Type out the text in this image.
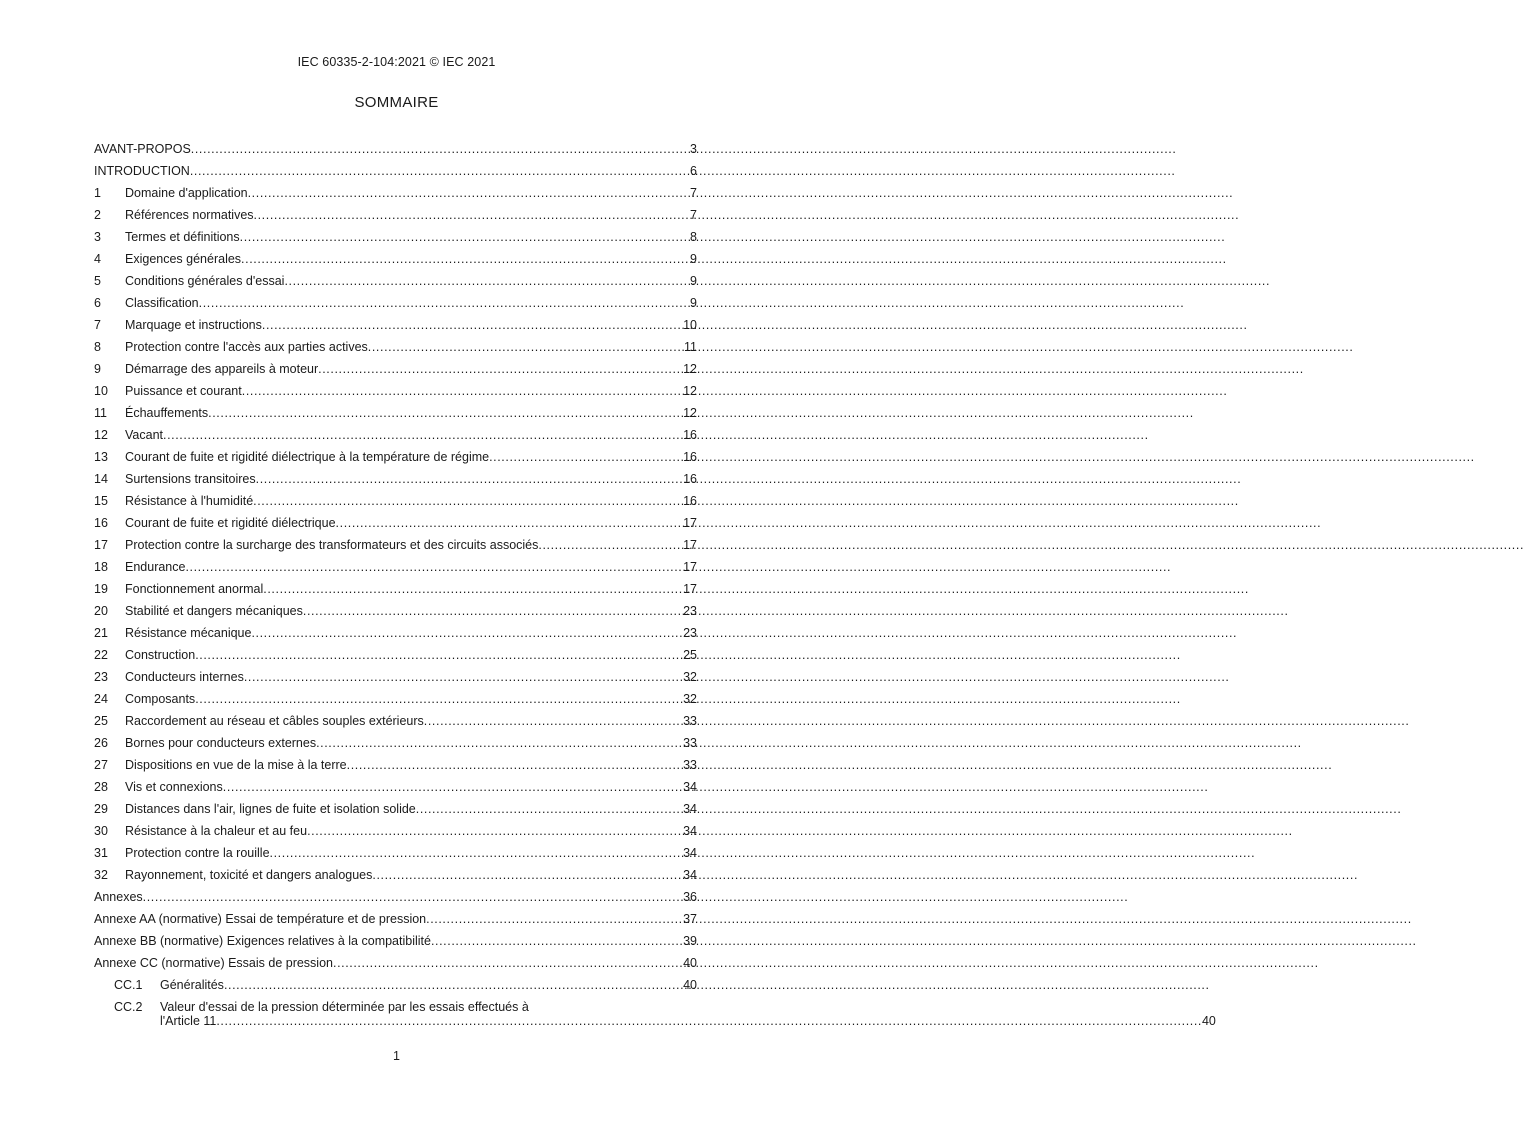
IEC 60335-2-104:2021 © IEC 2021
SOMMAIRE
AVANT-PROPOS .....	3
INTRODUCTION .....	6
1	Domaine d'application .....	7
2	Références normatives .....	7
3	Termes et définitions .....	8
4	Exigences générales .....	9
5	Conditions générales d'essai .....	9
6	Classification .....	9
7	Marquage et instructions .....	10
8	Protection contre l'accès aux parties actives .....	11
9	Démarrage des appareils à moteur .....	12
10	Puissance et courant .....	12
11	Échauffements .....	12
12	Vacant .....	16
13	Courant de fuite et rigidité diélectrique à la température de régime .....	16
14	Surtensions transitoires .....	16
15	Résistance à l'humidité .....	16
16	Courant de fuite et rigidité diélectrique .....	17
17	Protection contre la surcharge des transformateurs et des circuits associés .....	17
18	Endurance .....	17
19	Fonctionnement anormal .....	17
20	Stabilité et dangers mécaniques .....	23
21	Résistance mécanique .....	23
22	Construction .....	25
23	Conducteurs internes .....	32
24	Composants .....	32
25	Raccordement au réseau et câbles souples extérieurs .....	33
26	Bornes pour conducteurs externes .....	33
27	Dispositions en vue de la mise à la terre .....	33
28	Vis et connexions .....	34
29	Distances dans l'air, lignes de fuite et isolation solide .....	34
30	Résistance à la chaleur et au feu .....	34
31	Protection contre la rouille .....	34
32	Rayonnement, toxicité et dangers analogues .....	34
Annexes .....	36
Annexe AA (normative) Essai de température et de pression .....	37
Annexe BB (normative) Exigences relatives à la compatibilité .....	39
Annexe CC (normative) Essais de pression .....	40
CC.1	Généralités .....	40
CC.2	Valeur d'essai de la pression déterminée par les essais effectués à
l'Article 11 .....	40
1
